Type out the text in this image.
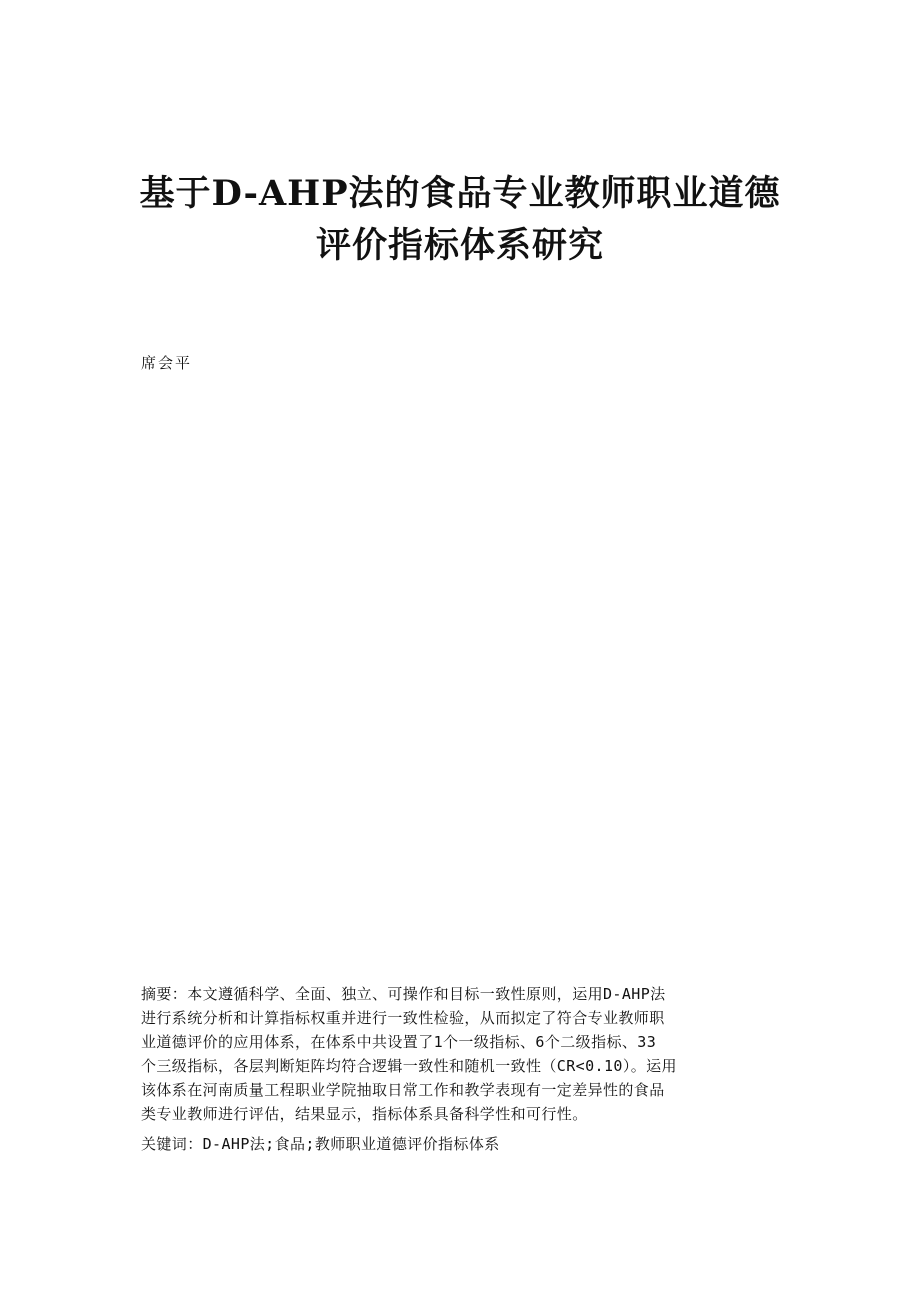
基于D-AHP法的食品专业教师职业道德
评价指标体系研究
席会平
摘要：本文遵循科学、全面、独立、可操作和目标一致性原则，运用D-AHP法
进行系统分析和计算指标权重并进行一致性检验，从而拟定了符合专业教师职
业道德评价的应用体系，在体系中共设置了1个一级指标、6个二级指标、33
个三级指标，各层判断矩阵均符合逻辑一致性和随机一致性（CR<0.10）。运用
该体系在河南质量工程职业学院抽取日常工作和教学表现有一定差异性的食品
类专业教师进行评估，结果显示，指标体系具备科学性和可行性。
关键词：D-AHP法;食品;教师职业道德评价指标体系
